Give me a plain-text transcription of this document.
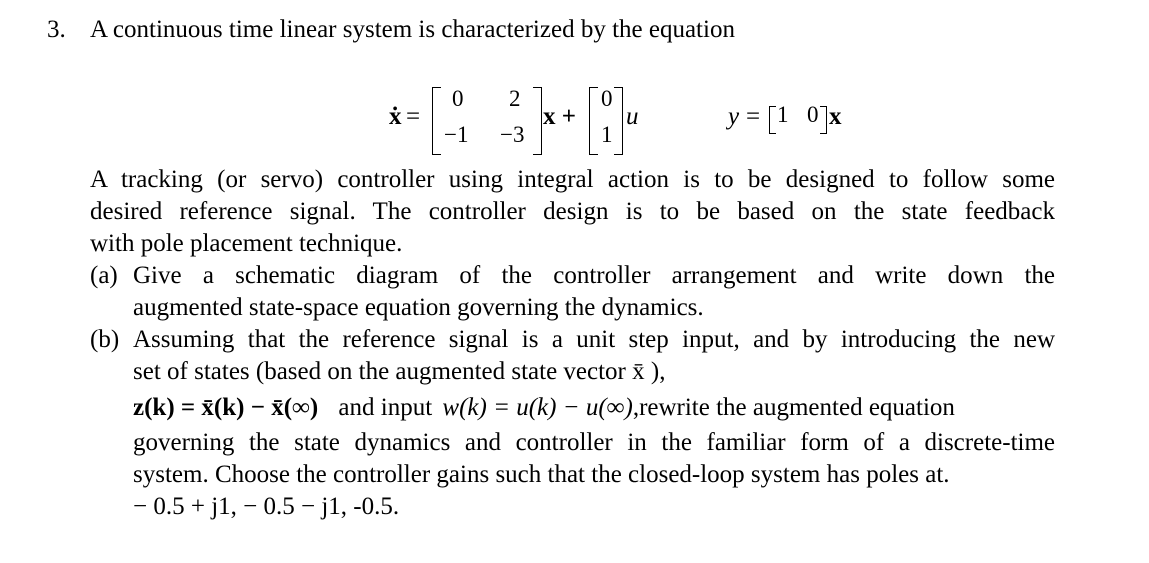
3. A continuous time linear system is characterized by the equation
ẋ =
0 2
−1 −3
x +
0
1
u	y = 1 0 x
A tracking (or servo) controller using integral action is to be designed to follow some
desired reference signal. The controller design is to be based on the state feedback
with pole placement technique.
(a) Give a schematic diagram of the controller arrangement and write down the
augmented state-space equation governing the dynamics.
(b) Assuming that the reference signal is a unit step input, and by introducing the new
set of states (based on the augmented state vector x̄ ),
z(k) = x̄(k) − x̄(∞) and input w(k) = u(k) − u(∞),rewrite the augmented equation
governing the state dynamics and controller in the familiar form of a discrete-time
system. Choose the controller gains such that the closed-loop system has poles at.
− 0.5 + j1, − 0.5 − j1, -0.5.
